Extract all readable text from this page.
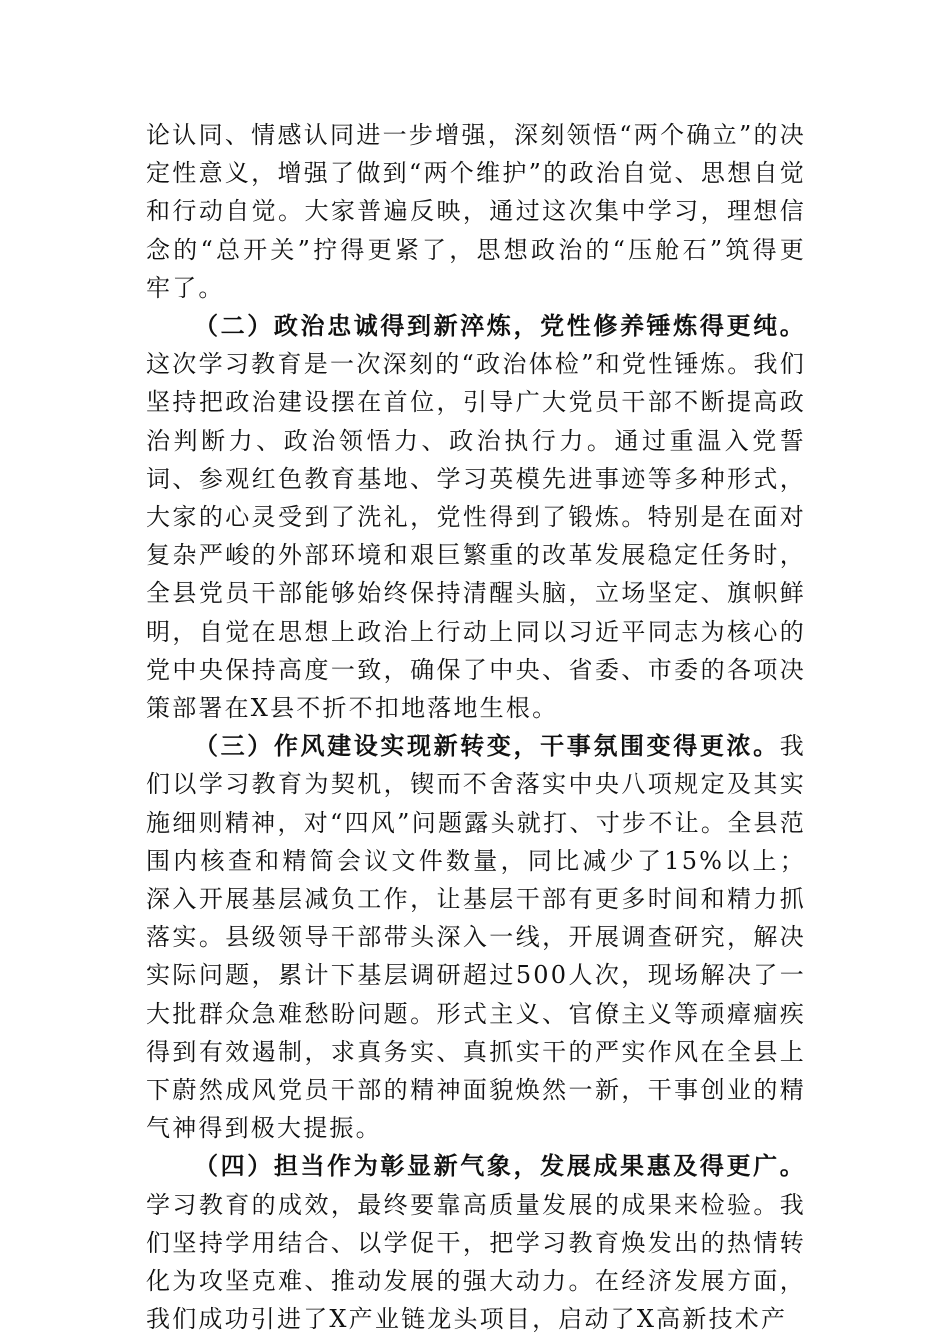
论认同、情感认同进一步增强，深刻领悟“两个确立”的决定性意义，增强了做到“两个维护”的政治自觉、思想自觉和行动自觉。大家普遍反映，通过这次集中学习，理想信念的“总开关”拧得更紧了，思想政治的“压舱石”筑得更牢了。

（二）政治忠诚得到新淬炼，党性修养锤炼得更纯。这次学习教育是一次深刻的“政治体检”和党性锤炼。我们坚持把政治建设摆在首位，引导广大党员干部不断提高政治判断力、政治领悟力、政治执行力。通过重温入党誓词、参观红色教育基地、学习英模先进事迹等多种形式，大家的心灵受到了洗礼，党性得到了锻炼。特别是在面对复杂严峻的外部环境和艰巨繁重的改革发展稳定任务时，全县党员干部能够始终保持清醒头脑，立场坚定、旗帜鲜明，自觉在思想上政治上行动上同以习近平同志为核心的党中央保持高度一致，确保了中央、省委、市委的各项决策部署在X县不折不扣地落地生根。

（三）作风建设实现新转变，干事氛围变得更浓。我们以学习教育为契机，锲而不舍落实中央八项规定及其实施细则精神，对“四风”问题露头就打、寸步不让。全县范围内核查和精简会议文件数量，同比减少了15%以上；深入开展基层减负工作，让基层干部有更多时间和精力抓落实。县级领导干部带头深入一线，开展调查研究，解决实际问题，累计下基层调研超过500人次，现场解决了一大批群众急难愁盼问题。形式主义、官僚主义等顽瘴痼疾得到有效遏制，求真务实、真抓实干的严实作风在全县上下蔚然成风党员干部的精神面貌焕然一新，干事创业的精气神得到极大提振。

（四）担当作为彰显新气象，发展成果惠及得更广。学习教育的成效，最终要靠高质量发展的成果来检验。我们坚持学用结合、以学促干，把学习教育焕发出的热情转化为攻坚克难、推动发展的强大动力。在经济发展方面，我们成功引进了X产业链龙头项目，启动了X高新技术产
